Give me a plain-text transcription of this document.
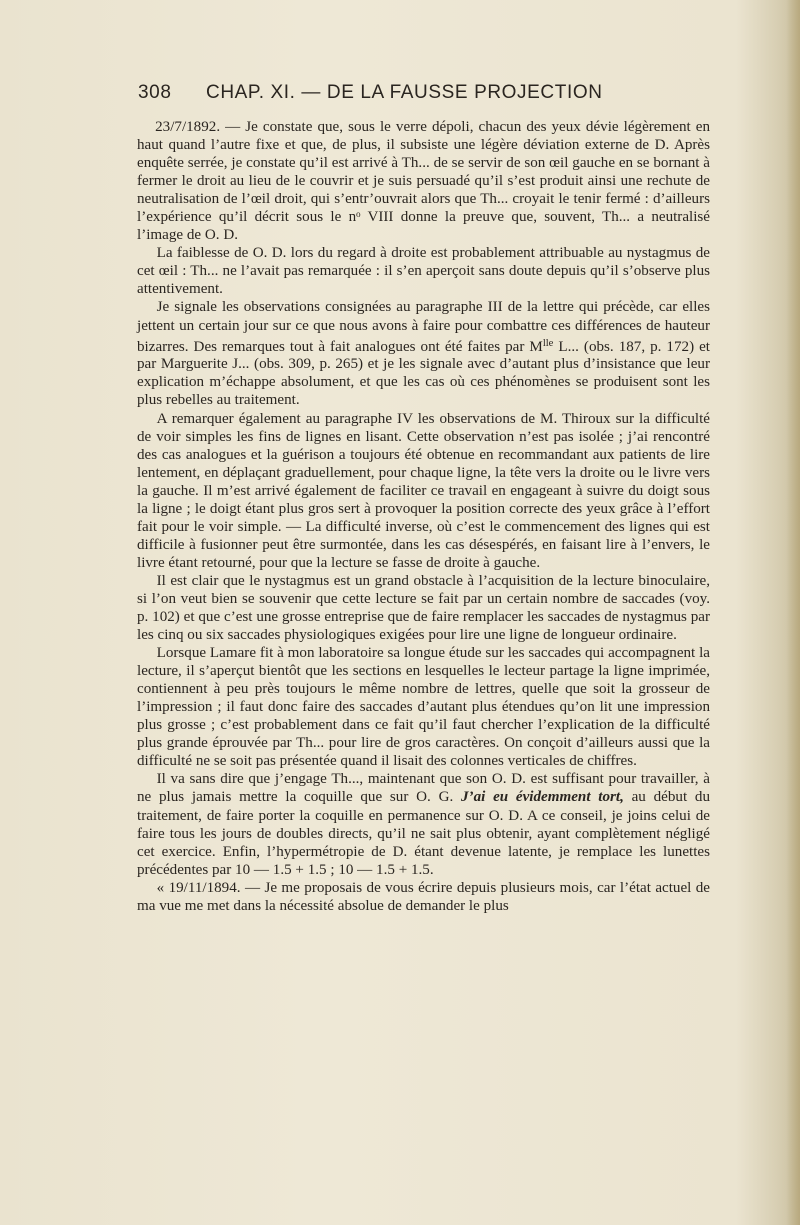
308 CHAP. XI. — DE LA FAUSSE PROJECTION

23/7/1892. — Je constate que, sous le verre dépoli, chacun des yeux dévie légèrement en haut quand l’autre fixe et que, de plus, il subsiste une légère déviation externe de D. Après enquête serrée, je constate qu’il est arrivé à Th... de se servir de son œil gauche en se bornant à fermer le droit au lieu de le couvrir et je suis persuadé qu’il s’est produit ainsi une rechute de neutralisation de l’œil droit, qui s’entr’ouvrait alors que Th... croyait le tenir fermé : d’ailleurs l’expérience qu’il décrit sous le nᵒ VIII donne la preuve que, souvent, Th... a neutralisé l’image de O. D.

La faiblesse de O. D. lors du regard à droite est probablement attribuable au nystagmus de cet œil : Th... ne l’avait pas remarquée : il s’en aperçoit sans doute depuis qu’il s’observe plus attentivement.

Je signale les observations consignées au paragraphe III de la lettre qui précède, car elles jettent un certain jour sur ce que nous avons à faire pour combattre ces différences de hauteur bizarres. Des remarques tout à fait analogues ont été faites par $M^{lle}$ L... (obs. 187, p. 172) et par Marguerite J... (obs. 309, p. 265) et je les signale avec d’autant plus d’insistance que leur explication m’échappe absolument, et que les cas où ces phénomènes se produisent sont les plus rebelles au traitement.

A remarquer également au paragraphe IV les observations de M. Thiroux sur la difficulté de voir simples les fins de lignes en lisant. Cette observation n’est pas isolée ; j’ai rencontré des cas analogues et la guérison a toujours été obtenue en recommandant aux patients de lire lentement, en déplaçant graduellement, pour chaque ligne, la tête vers la droite ou le livre vers la gauche. Il m’est arrivé également de faciliter ce travail en engageant à suivre du doigt sous la ligne ; le doigt étant plus gros sert à provoquer la position correcte des yeux grâce à l’effort fait pour le voir simple. — La difficulté inverse, où c’est le commencement des lignes qui est difficile à fusionner peut être surmontée, dans les cas désespérés, en faisant lire à l’envers, le livre étant retourné, pour que la lecture se fasse de droite à gauche.

Il est clair que le nystagmus est un grand obstacle à l’acquisition de la lecture binoculaire, si l’on veut bien se souvenir que cette lecture se fait par un certain nombre de saccades (voy. p. 102) et que c’est une grosse entreprise que de faire remplacer les saccades de nystagmus par les cinq ou six saccades physiologiques exigées pour lire une ligne de longueur ordinaire.

Lorsque Lamare fit à mon laboratoire sa longue étude sur les saccades qui accompagnent la lecture, il s’aperçut bientôt que les sections en lesquelles le lecteur partage la ligne imprimée, contiennent à peu près toujours le même nombre de lettres, quelle que soit la grosseur de l’impression ; il faut donc faire des saccades d’autant plus étendues qu’on lit une impression plus grosse ; c’est probablement dans ce fait qu’il faut chercher l’explication de la difficulté plus grande éprouvée par Th... pour lire de gros caractères. On conçoit d’ailleurs aussi que la difficulté ne se soit pas présentée quand il lisait des colonnes verticales de chiffres.

Il va sans dire que j’engage Th..., maintenant que son O. D. est suffisant pour travailler, à ne plus jamais mettre la coquille que sur O. G. J’ai eu évidemment tort, au début du traitement, de faire porter la coquille en permanence sur O. D. A ce conseil, je joins celui de faire tous les jours de doubles directs, qu’il ne sait plus obtenir, ayant complètement négligé cet exercice. Enfin, l’hypermétropie de D. étant devenue latente, je remplace les lunettes précédentes par 10 — 1.5 + 1.5 ; 10 — 1.5 + 1.5.

« 19/11/1894. — Je me proposais de vous écrire depuis plusieurs mois, car l’état actuel de ma vue me met dans la nécessité absolue de demander le plus
